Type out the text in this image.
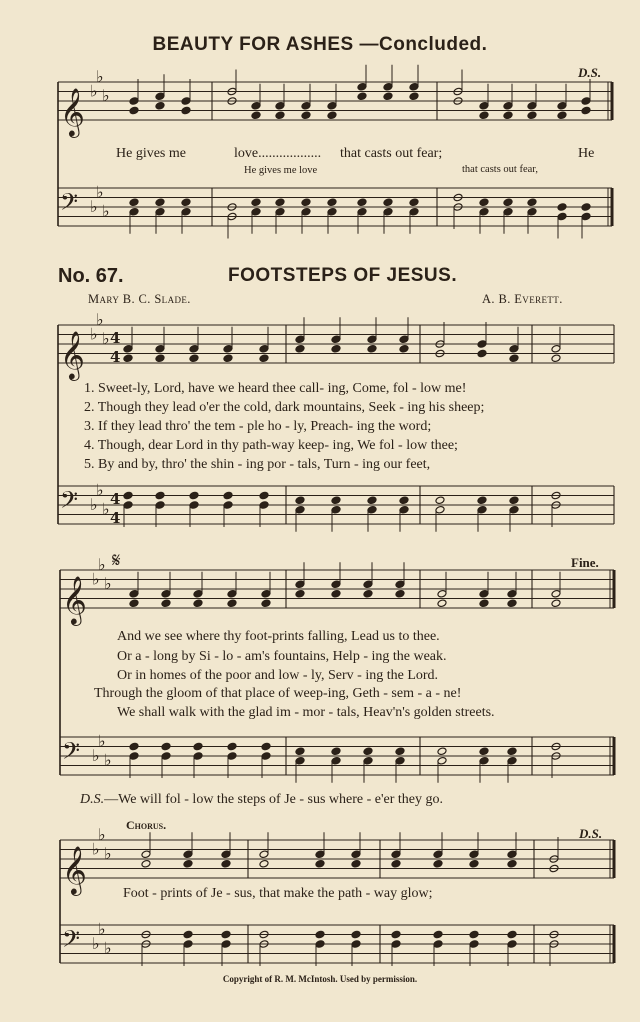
BEAUTY FOR ASHES —Concluded.
𝄞
𝄢
♭
♭
♭
♭
♭
♭
𝄞
𝄢
♭
♭
♭
♭
♭
♭
4
4
4
4
𝄞
𝄢
♭
♭
♭
♭
♭
♭
𝄞
𝄢
♭
♭
♭
♭
♭
♭
D.S.
He gives me	love.................. that casts out fear;	He
He gives me love	that casts out fear,
No. 67.	FOOTSTEPS OF JESUS.
Mary B. C. Slade.	A. B. Everett.
1. Sweet-ly, Lord, have we heard thee call- ing, Come, fol - low me!
2. Though they lead o'er the cold, dark mountains, Seek - ing his sheep;
3. If they lead thro' the tem - ple ho - ly, Preach- ing the word;
4. Though, dear Lord in thy path-way keep- ing, We fol - low thee;
5. By and by, thro' the shin - ing por - tals, Turn - ing our feet,
𝄋	Fine.
And we see where thy foot-prints falling, Lead us to thee.
Or a - long by Si - lo - am's fountains, Help - ing the weak.
Or in homes of the poor and low - ly, Serv - ing the Lord.
Through the gloom of that place of weep-ing, Geth - sem - a - ne!
We shall walk with the glad im - mor - tals, Heav'n's golden streets.
D.S.—We will fol - low the steps of Je - sus where - e'er they go.
Chorus.
D.S.
Foot - prints of Je - sus, that make the path - way glow;
Copyright of R. M. McIntosh. Used by permission.
